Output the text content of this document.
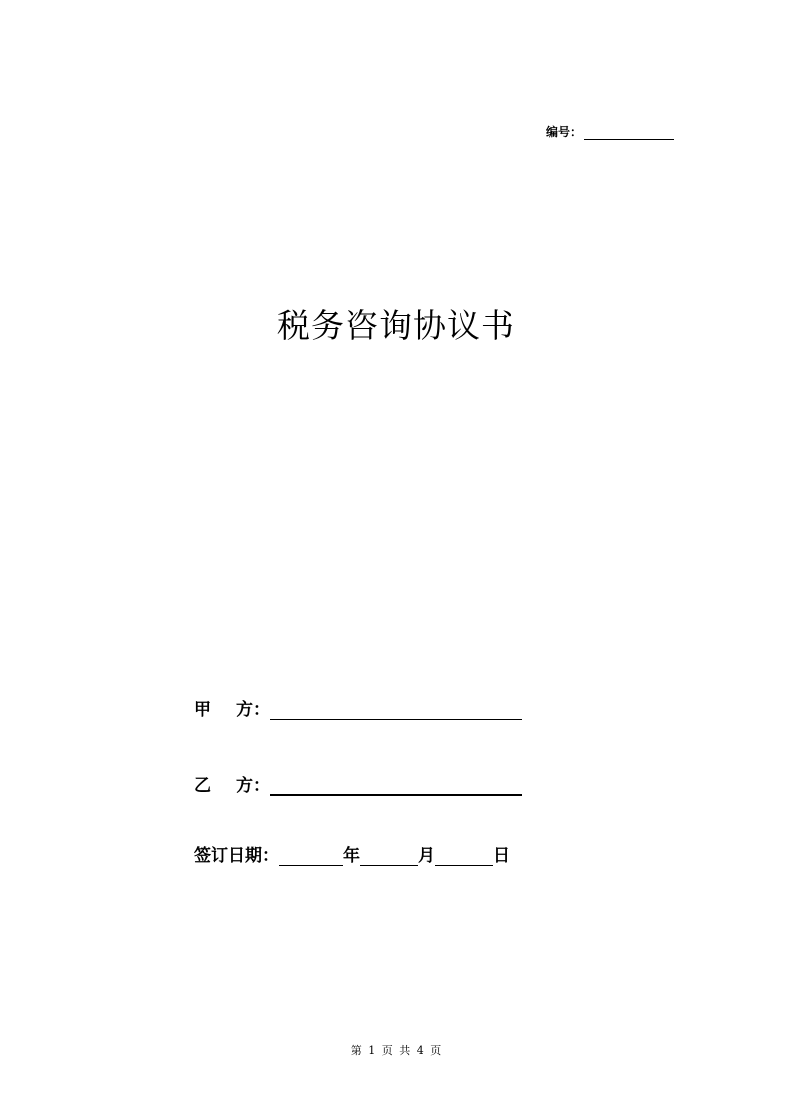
编号：
税务咨询协议书
甲 方：
乙 方：
签订日期：	年	月	日
第 1 页 共 4 页
